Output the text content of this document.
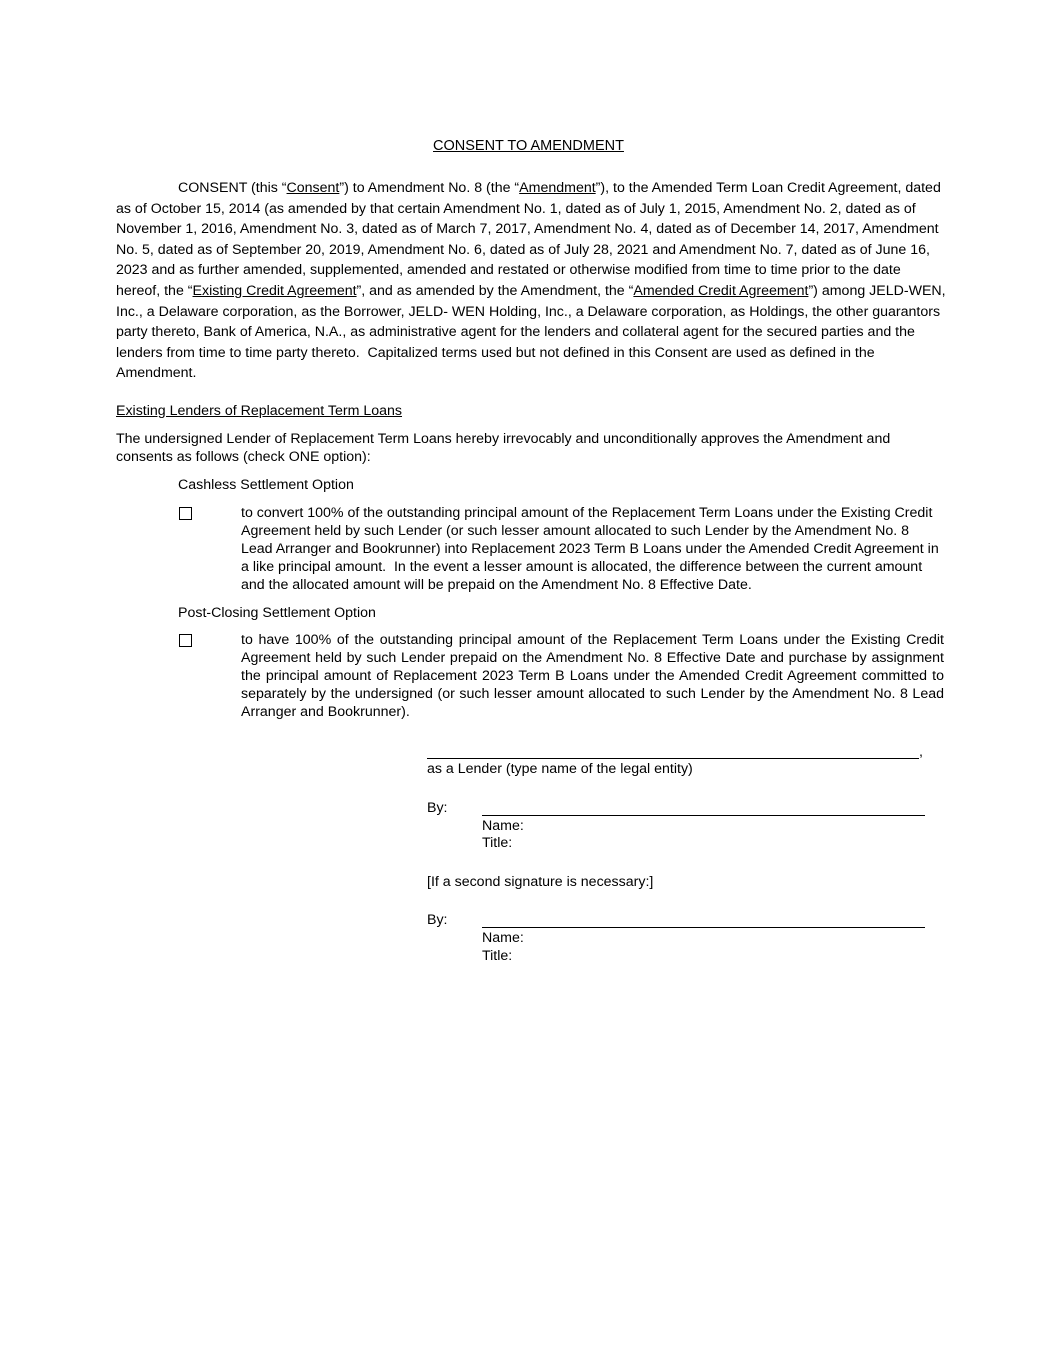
CONSENT TO AMENDMENT
CONSENT (this “Consent”) to Amendment No. 8 (the “Amendment”), to the Amended Term Loan Credit Agreement, dated as of October 15, 2014 (as amended by that certain Amendment No. 1, dated as of July 1, 2015, Amendment No. 2, dated as of November 1, 2016, Amendment No. 3, dated as of March 7, 2017, Amendment No. 4, dated as of December 14, 2017, Amendment No. 5, dated as of September 20, 2019, Amendment No. 6, dated as of July 28, 2021 and Amendment No. 7, dated as of June 16, 2023 and as further amended, supplemented, amended and restated or otherwise modified from time to time prior to the date hereof, the “Existing Credit Agreement”, and as amended by the Amendment, the “Amended Credit Agreement”) among JELD-WEN, Inc., a Delaware corporation, as the Borrower, JELD- WEN Holding, Inc., a Delaware corporation, as Holdings, the other guarantors party thereto, Bank of America, N.A., as administrative agent for the lenders and collateral agent for the secured parties and the lenders from time to time party thereto.  Capitalized terms used but not defined in this Consent are used as defined in the Amendment.
Existing Lenders of Replacement Term Loans
The undersigned Lender of Replacement Term Loans hereby irrevocably and unconditionally approves the Amendment and consents as follows (check ONE option):
Cashless Settlement Option
to convert 100% of the outstanding principal amount of the Replacement Term Loans under the Existing Credit Agreement held by such Lender (or such lesser amount allocated to such Lender by the Amendment No. 8 Lead Arranger and Bookrunner) into Replacement 2023 Term B Loans under the Amended Credit Agreement in a like principal amount.  In the event a lesser amount is allocated, the difference between the current amount and the allocated amount will be prepaid on the Amendment No. 8 Effective Date.
Post-Closing Settlement Option
to have 100% of the outstanding principal amount of the Replacement Term Loans under the Existing Credit Agreement held by such Lender prepaid on the Amendment No. 8 Effective Date and purchase by assignment the principal amount of Replacement 2023 Term B Loans under the Amended Credit Agreement committed to separately by the undersigned (or such lesser amount allocated to such Lender by the Amendment No. 8 Lead Arranger and Bookrunner).
,
as a Lender (type name of the legal entity)
By:
Name:
Title:
[If a second signature is necessary:]
By:
Name:
Title:
